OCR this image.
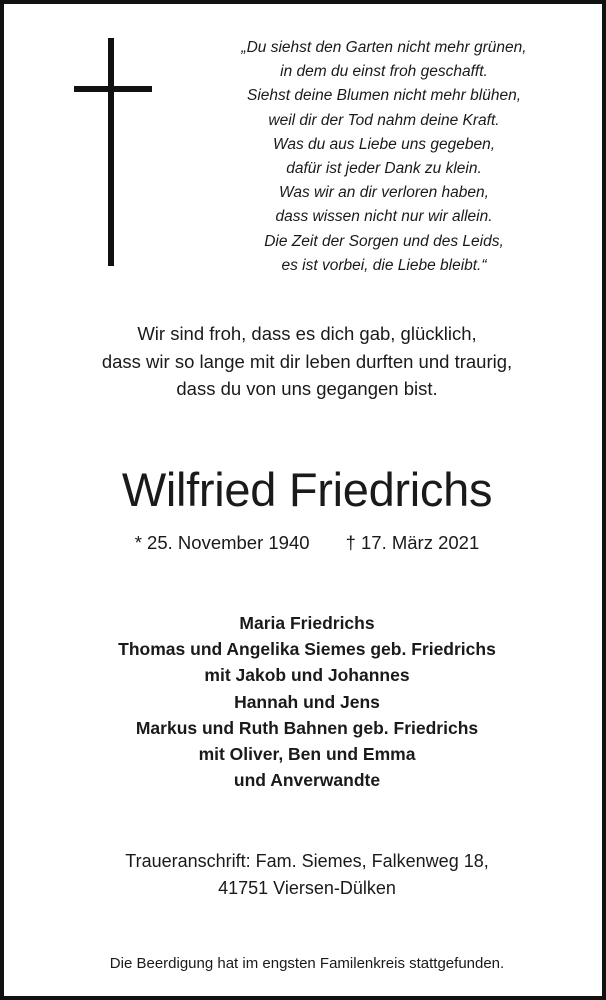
„Du siehst den Garten nicht mehr grünen,
in dem du einst froh geschafft.
Siehst deine Blumen nicht mehr blühen,
weil dir der Tod nahm deine Kraft.
Was du aus Liebe uns gegeben,
dafür ist jeder Dank zu klein.
Was wir an dir verloren haben,
dass wissen nicht nur wir allein.
Die Zeit der Sorgen und des Leids,
es ist vorbei, die Liebe bleibt.“
Wir sind froh, dass es dich gab, glücklich,
dass wir so lange mit dir leben durften und traurig,
dass du von uns gegangen bist.
Wilfried Friedrichs
* 25. November 1940 † 17. März 2021
Maria Friedrichs
Thomas und Angelika Siemes geb. Friedrichs
mit Jakob und Johannes
Hannah und Jens
Markus und Ruth Bahnen geb. Friedrichs
mit Oliver, Ben und Emma
und Anverwandte
Traueranschrift: Fam. Siemes, Falkenweg 18,
41751 Viersen-Dülken
Die Beerdigung hat im engsten Familenkreis stattgefunden.
